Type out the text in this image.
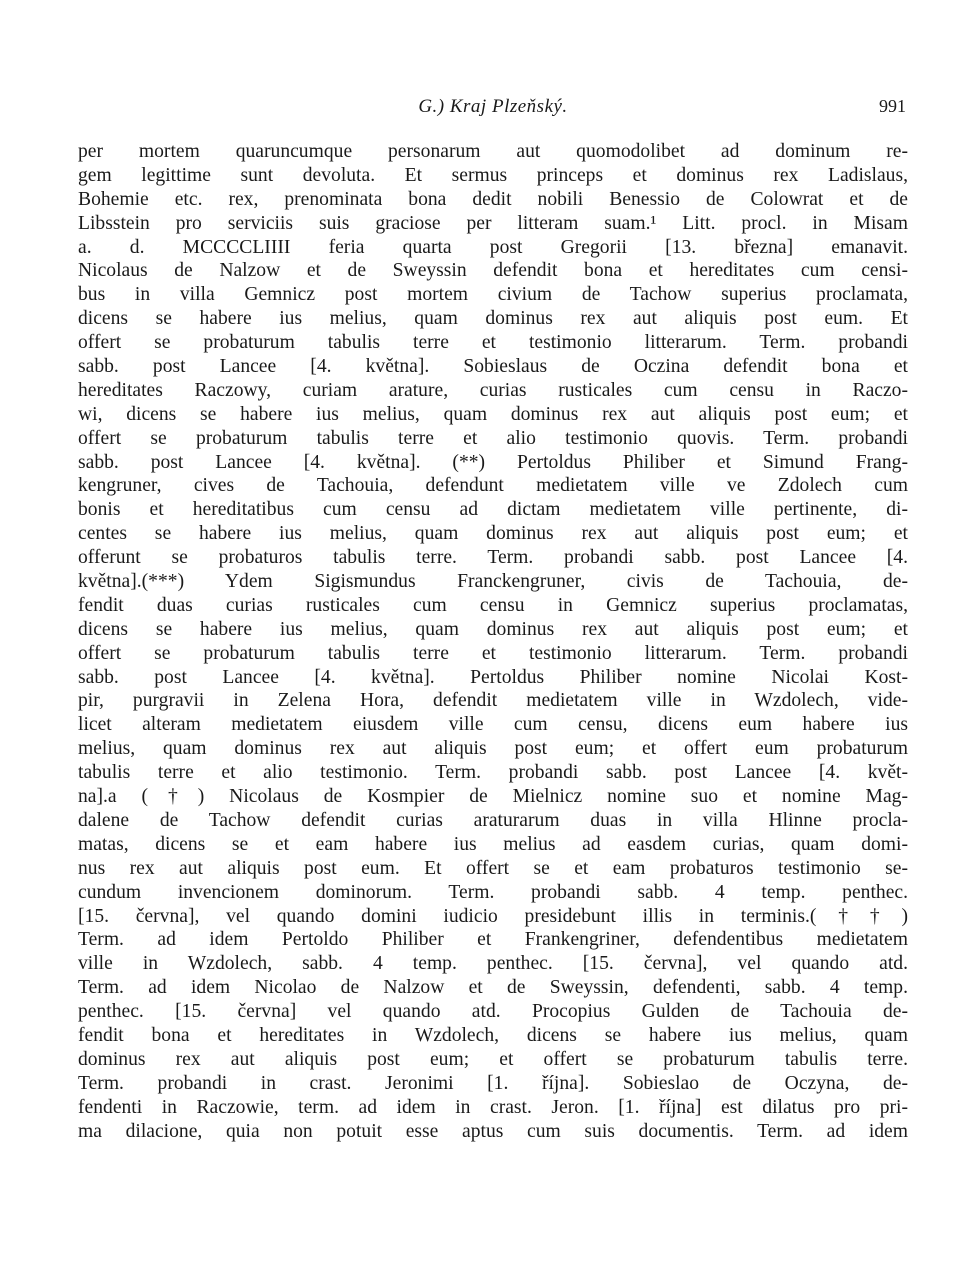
G.) Kraj Plzeňský.	991
per mortem quaruncumque personarum aut quomodolibet ad dominum re-
gem legittime sunt devoluta. Et sermus princeps et dominus rex Ladislaus,
Bohemie etc. rex, prenominata bona dedit nobili Benessio de Colowrat et de
Libsstein pro serviciis suis graciose per litteram suam.¹ Litt. procl. in Misam
a. d. MCCCCLIIII feria quarta post Gregorii [13. března] emanavit.
Nicolaus de Nalzow et de Sweyssin defendit bona et hereditates cum censi-
bus in villa Gemnicz post mortem civium de Tachow superius proclamata,
dicens se habere ius melius, quam dominus rex aut aliquis post eum. Et
offert se probaturum tabulis terre et testimonio litterarum. Term. probandi
sabb. post Lancee [4. května]. Sobieslaus de Oczina defendit bona et
hereditates Raczowy, curiam arature, curias rusticales cum censu in Raczo-
wi, dicens se habere ius melius, quam dominus rex aut aliquis post eum; et
offert se probaturum tabulis terre et alio testimonio quovis. Term. probandi
sabb. post Lancee [4. května]. (**) Pertoldus Philiber et Simund Frang-
kengruner, cives de Tachouia, defendunt medietatem ville ve Zdolech cum
bonis et hereditatibus cum censu ad dictam medietatem ville pertinente, di-
centes se habere ius melius, quam dominus rex aut aliquis post eum; et
offerunt se probaturos tabulis terre. Term. probandi sabb. post Lancee [4.
května].(***) Ydem Sigismundus Franckengruner, civis de Tachouia, de-
fendit duas curias rusticales cum censu in Gemnicz superius proclamatas,
dicens se habere ius melius, quam dominus rex aut aliquis post eum; et
offert se probaturum tabulis terre et testimonio litterarum. Term. probandi
sabb. post Lancee [4. května]. Pertoldus Philiber nomine Nicolai Kost-
pir, purgravii in Zelena Hora, defendit medietatem ville in Wzdolech, vide-
licet alteram medietatem eiusdem ville cum censu, dicens eum habere ius
melius, quam dominus rex aut aliquis post eum; et offert eum probaturum
tabulis terre et alio testimonio. Term. probandi sabb. post Lancee [4. květ-
na].a (†) Nicolaus de Kosmpier de Mielnicz nomine suo et nomine Mag-
dalene de Tachow defendit curias araturarum duas in villa Hlinne procla-
matas, dicens se et eam habere ius melius ad easdem curias, quam domi-
nus rex aut aliquis post eum. Et offert se et eam probaturos testimonio se-
cundum invencionem dominorum. Term. probandi sabb. 4 temp. penthec.
[15. června], vel quando domini iudicio presidebunt illis in terminis.(††)
Term. ad idem Pertoldo Philiber et Frankengriner, defendentibus medietatem
ville in Wzdolech, sabb. 4 temp. penthec. [15. června], vel quando atd.
Term. ad idem Nicolao de Nalzow et de Sweyssin, defendenti, sabb. 4 temp.
penthec. [15. června] vel quando atd. Procopius Gulden de Tachouia de-
fendit bona et hereditates in Wzdolech, dicens se habere ius melius, quam
dominus rex aut aliquis post eum; et offert se probaturum tabulis terre.
Term. probandi in crast. Jeronimi [1. října]. Sobieslao de Oczyna, de-
fendenti in Raczowie, term. ad idem in crast. Jeron. [1. října] est dilatus pro pri-
ma dilacione, quia non potuit esse aptus cum suis documentis. Term. ad idem
